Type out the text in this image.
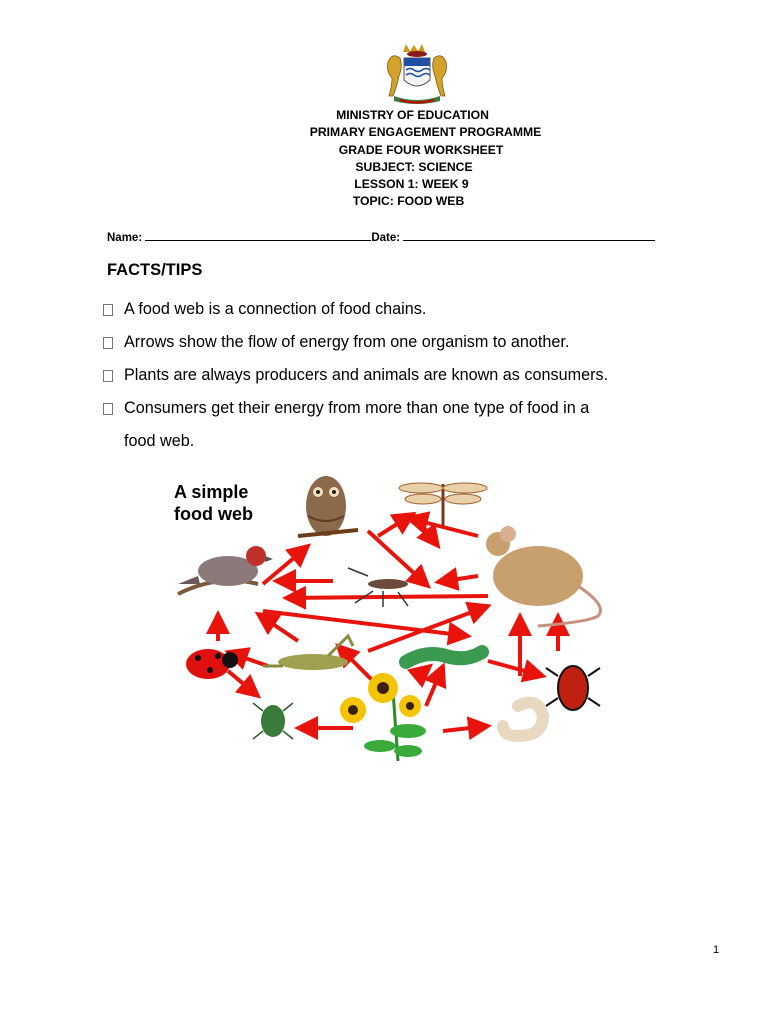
MINISTRY OF EDUCATION
PRIMARY ENGAGEMENT PROGRAMME
GRADE FOUR WORKSHEET
SUBJECT: SCIENCE
LESSON 1: WEEK 9
TOPIC: FOOD WEB
Name:	Date:
FACTS/TIPS
A food web is a connection of food chains.
Arrows show the flow of energy from one organism to another.
Plants are always producers and animals are known as consumers.
Consumers get their energy from more than one type of food in a
food web.
A simple
food web
1
